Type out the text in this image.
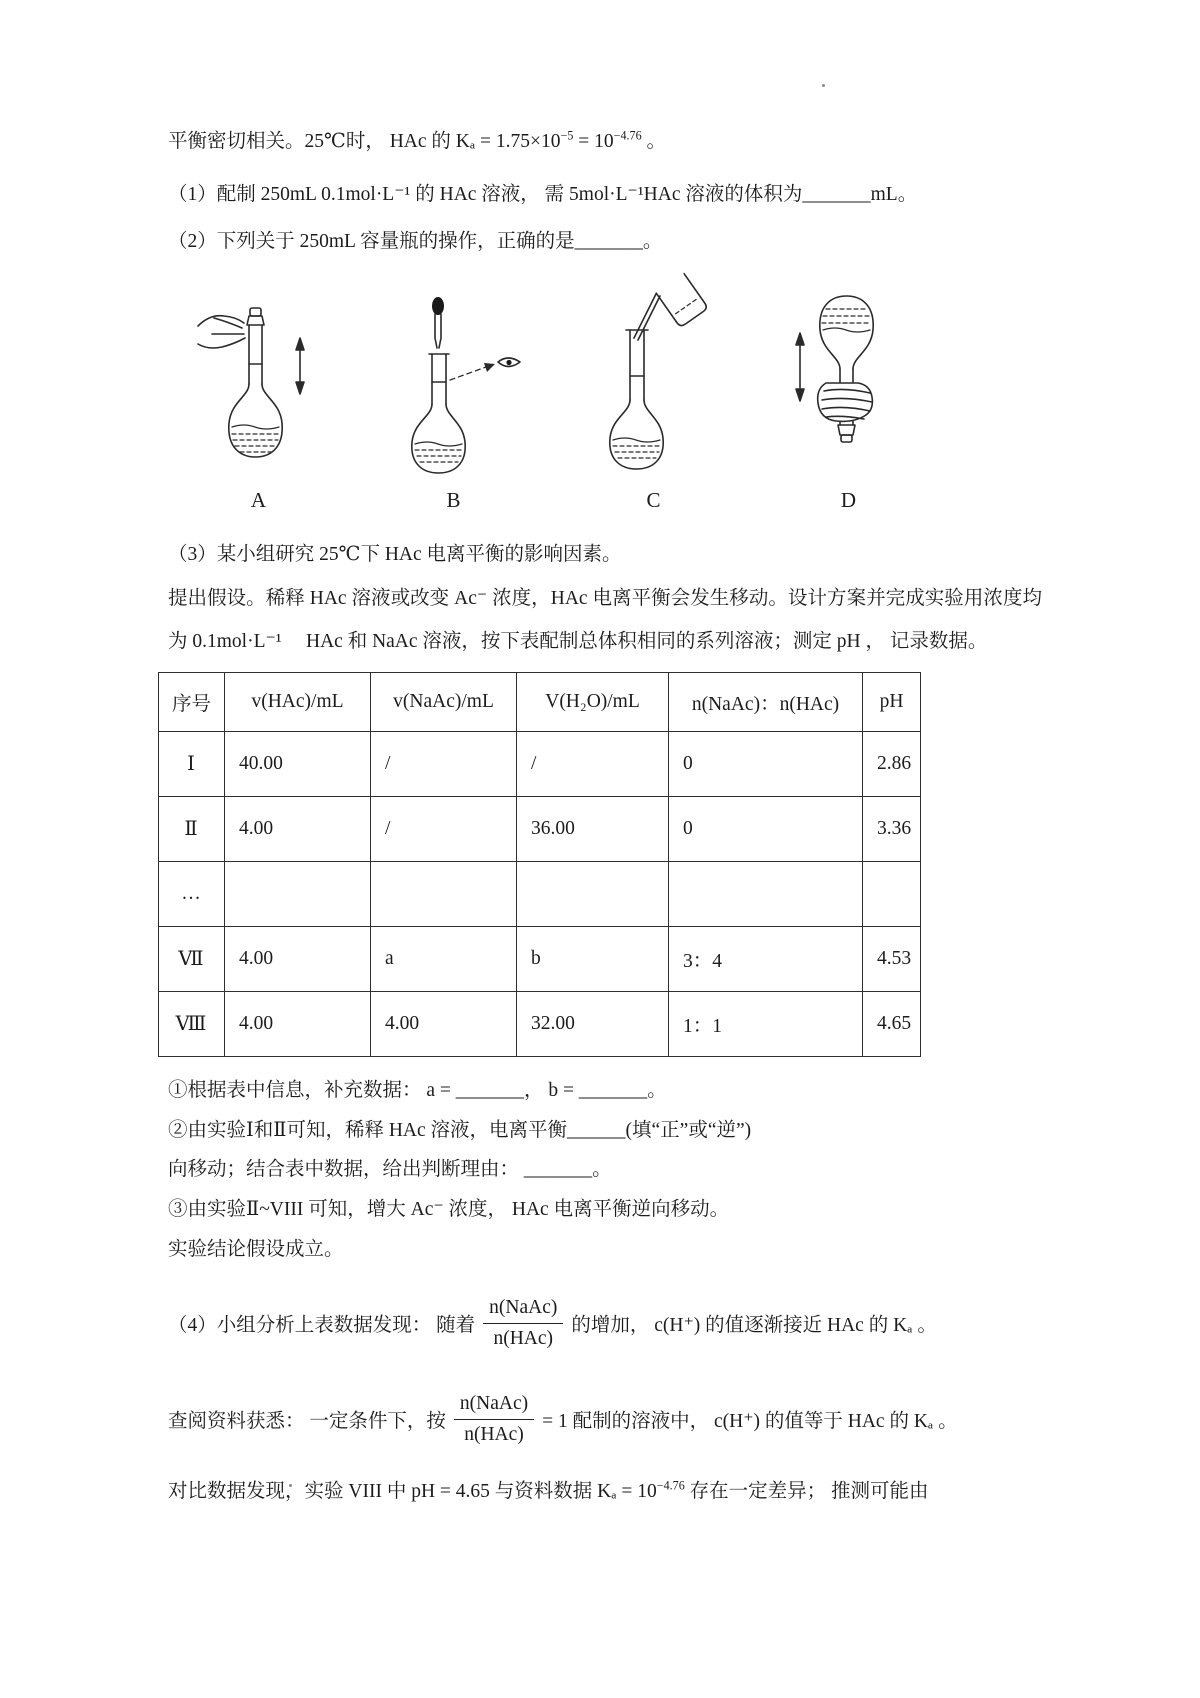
平衡密切相关。25℃时， HAc 的 $K_a = 1.75\times 10^{-5} = 10^{-4.76}$ 。
（1）配制 250mL 0.1mol·L⁻¹ 的 HAc 溶液， 需 5mol·L⁻¹HAc 溶液的体积为_______mL。
（2）下列关于 250mL 容量瓶的操作，正确的是_______。
A	B	C	D
（3）某小组研究 25℃下 HAc 电离平衡的影响因素。
提出假设。稀释 HAc 溶液或改变 Ac⁻ 浓度，HAc 电离平衡会发生移动。设计方案并完成实验用浓度均为 0.1mol·L⁻¹　 HAc 和 NaAc 溶液，按下表配制总体积相同的系列溶液；测定 pH ， 记录数据。
序号	v(HAc)/mL	v(NaAc)/mL	V(H₂O)/mL	n(NaAc)：n(HAc)	pH
Ⅰ	40.00	/	/	0	2.86
Ⅱ	4.00	/	36.00	0	3.36
…					
Ⅶ	4.00	a	b	3：4	4.53
Ⅷ	4.00	4.00	32.00	1：1	4.65
①根据表中信息，补充数据： a = _______， b = _______。
②由实验Ⅰ和Ⅱ可知，稀释 HAc 溶液，电离平衡______(填“正”或“逆”)
向移动；结合表中数据，给出判断理由： _______。
③由实验Ⅱ~VIII 可知，增大 Ac⁻ 浓度， HAc 电离平衡逆向移动。
实验结论假设成立。
（4）小组分析上表数据发现： 随着 $\frac{\text{n(NaAc)}}{\text{n(HAc)}}$ 的增加， c(H⁺) 的值逐渐接近 HAc 的 Kₐ 。
查阅资料获悉： 一定条件下，按 $\frac{\text{n(NaAc)}}{\text{n(HAc)}} = 1$ 配制的溶液中， c(H⁺) 的值等于 HAc 的 Kₐ 。
对比数据发现，实验 VIII 中 pH = 4.65 与资料数据 $K_a = 10^{-4.76}$ 存在一定差异； 推测可能由
